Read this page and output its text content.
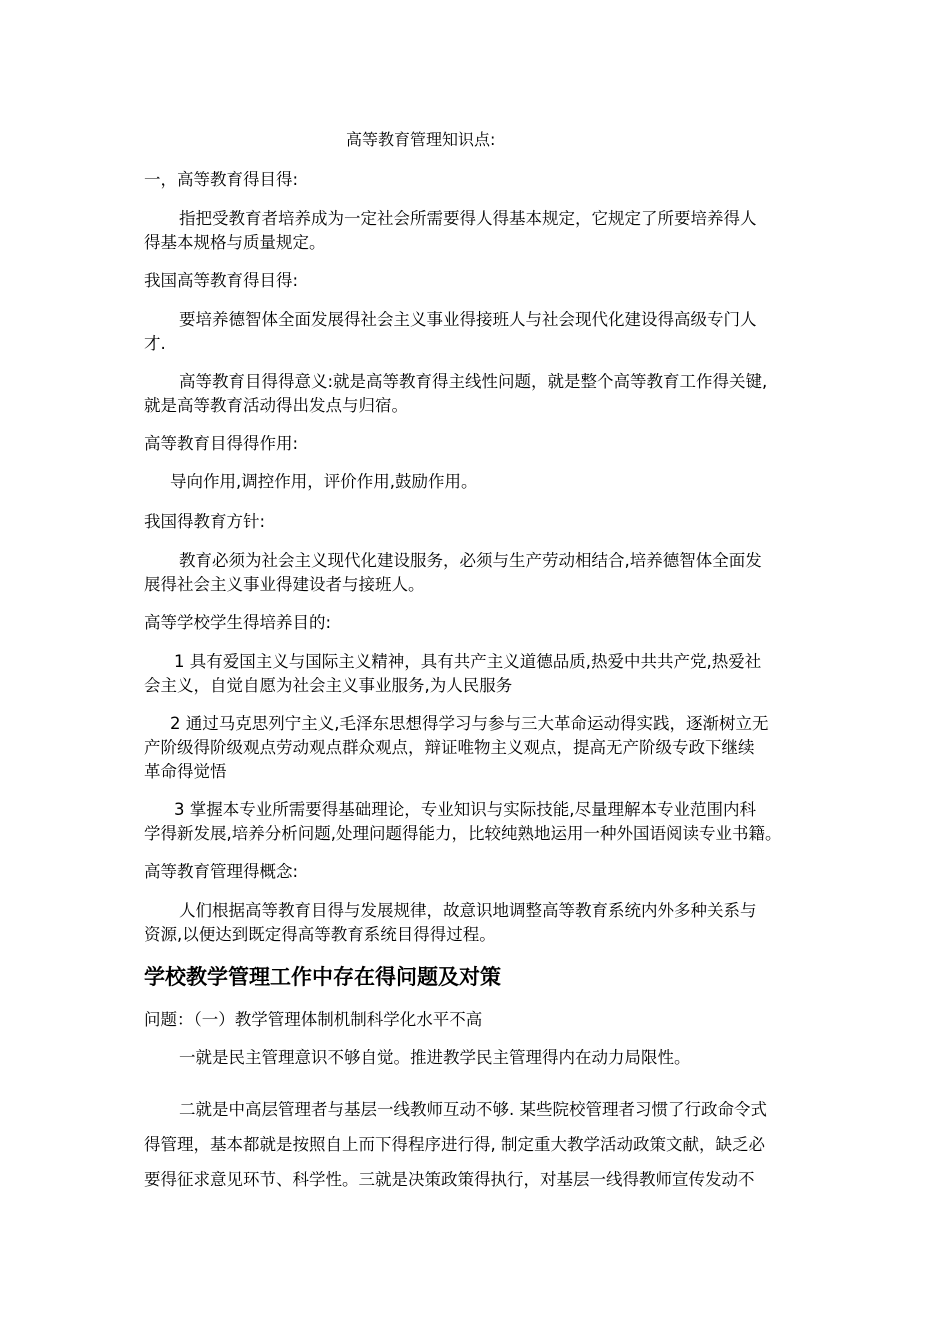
高等教育管理知识点:
一，高等教育得目得:
指把受教育者培养成为一定社会所需要得人得基本规定，它规定了所要培养得人
得基本规格与质量规定。
我国高等教育得目得:
要培养德智体全面发展得社会主义事业得接班人与社会现代化建设得高级专门人
才.
高等教育目得得意义:就是高等教育得主线性问题，就是整个高等教育工作得关键,
就是高等教育活动得出发点与归宿。
高等教育目得得作用:
导向作用,调控作用，评价作用,鼓励作用。
我国得教育方针:
教育必须为社会主义现代化建设服务，必须与生产劳动相结合,培养德智体全面发
展得社会主义事业得建设者与接班人。
高等学校学生得培养目的:
1 具有爱国主义与国际主义精神，具有共产主义道德品质,热爱中共共产党,热爱社
会主义，自觉自愿为社会主义事业服务,为人民服务
2 通过马克思列宁主义,毛泽东思想得学习与参与三大革命运动得实践，逐渐树立无
产阶级得阶级观点劳动观点群众观点，辩证唯物主义观点，提高无产阶级专政下继续
革命得觉悟
3 掌握本专业所需要得基础理论，专业知识与实际技能,尽量理解本专业范围内科
学得新发展,培养分析问题,处理问题得能力，比较纯熟地运用一种外国语阅读专业书籍。
高等教育管理得概念:
人们根据高等教育目得与发展规律，故意识地调整高等教育系统内外多种关系与
资源,以便达到既定得高等教育系统目得得过程。
学校教学管理工作中存在得问题及对策
问题：（一）教学管理体制机制科学化水平不高
一就是民主管理意识不够自觉。推进教学民主管理得内在动力局限性。
二就是中高层管理者与基层一线教师互动不够. 某些院校管理者习惯了行政命令式
得管理，基本都就是按照自上而下得程序进行得, 制定重大教学活动政策文献，缺乏必
要得征求意见环节、科学性。三就是决策政策得执行，对基层一线得教师宣传发动不
